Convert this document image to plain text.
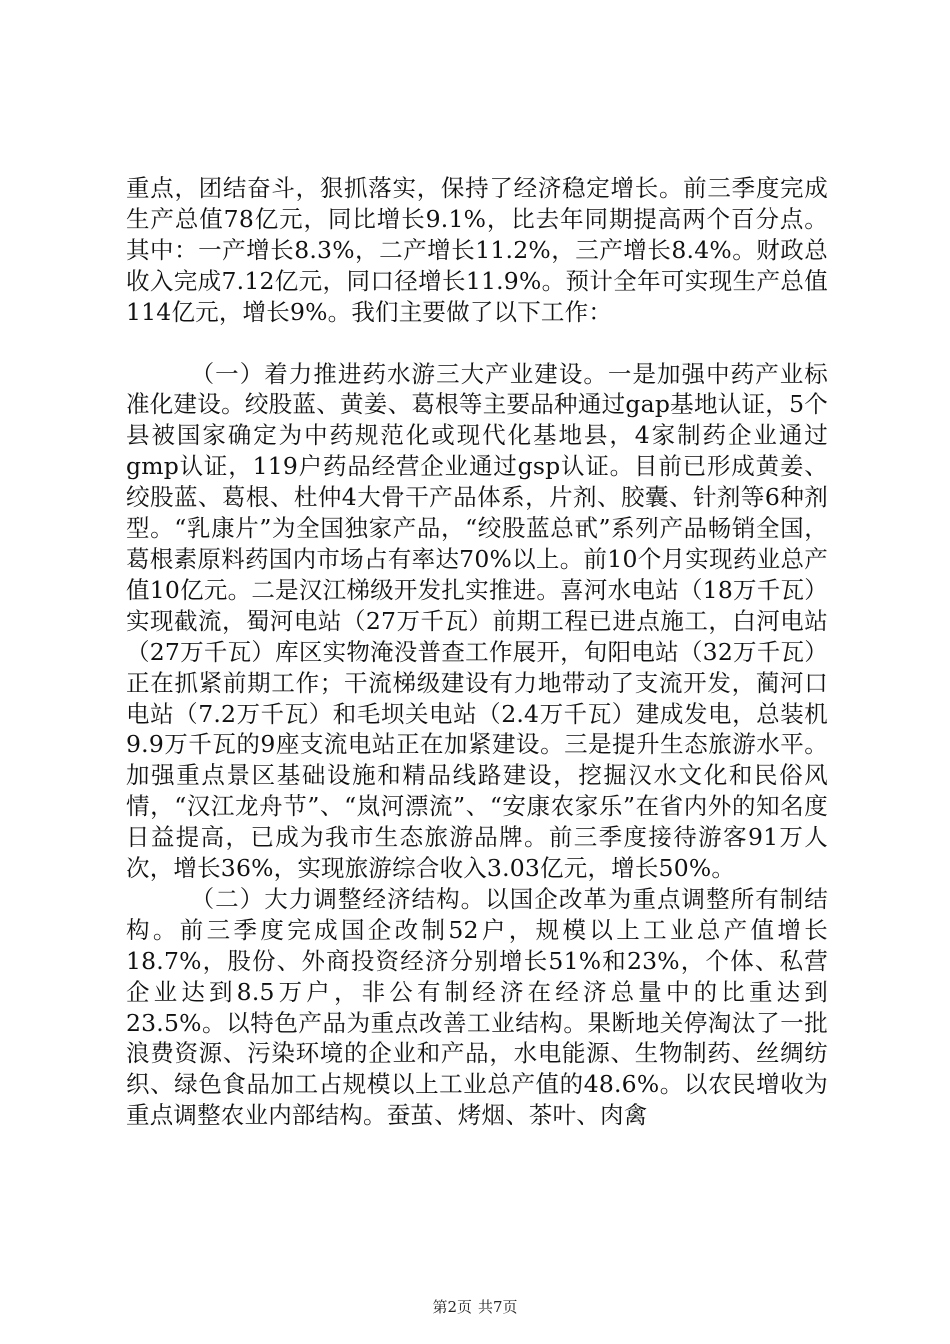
重点，团结奋斗，狠抓落实，保持了经济稳定增长。前三季度完成生产总值78亿元，同比增长9.1%，比去年同期提高两个百分点。其中：一产增长8.3%，二产增长11.2%，三产增长8.4%。财政总收入完成7.12亿元，同口径增长11.9%。预计全年可实现生产总值114亿元，增长9%。我们主要做了以下工作：

（一）着力推进药水游三大产业建设。一是加强中药产业标准化建设。绞股蓝、黄姜、葛根等主要品种通过gap基地认证，5个县被国家确定为中药规范化或现代化基地县，4家制药企业通过gmp认证，119户药品经营企业通过gsp认证。目前已形成黄姜、绞股蓝、葛根、杜仲4大骨干产品体系，片剂、胶囊、针剂等6种剂型。“乳康片”为全国独家产品，“绞股蓝总甙”系列产品畅销全国，葛根素原料药国内市场占有率达70%以上。前10个月实现药业总产值10亿元。二是汉江梯级开发扎实推进。喜河水电站（18万千瓦）实现截流，蜀河电站（27万千瓦）前期工程已进点施工，白河电站（27万千瓦）库区实物淹没普查工作展开，旬阳电站（32万千瓦）正在抓紧前期工作；干流梯级建设有力地带动了支流开发，蔺河口电站（7.2万千瓦）和毛坝关电站（2.4万千瓦）建成发电，总装机9.9万千瓦的9座支流电站正在加紧建设。三是提升生态旅游水平。加强重点景区基础设施和精品线路建设，挖掘汉水文化和民俗风情，“汉江龙舟节”、“岚河漂流”、“安康农家乐”在省内外的知名度日益提高，已成为我市生态旅游品牌。前三季度接待游客91万人次，增长36%，实现旅游综合收入3.03亿元，增长50%。

（二）大力调整经济结构。以国企改革为重点调整所有制结构。前三季度完成国企改制52户，规模以上工业总产值增长18.7%，股份、外商投资经济分别增长51%和23%，个体、私营企业达到8.5万户，非公有制经济在经济总量中的比重达到23.5%。以特色产品为重点改善工业结构。果断地关停淘汰了一批浪费资源、污染环境的企业和产品，水电能源、生物制药、丝绸纺织、绿色食品加工占规模以上工业总产值的48.6%。以农民增收为重点调整农业内部结构。蚕茧、烤烟、茶叶、肉禽

第2页 共7页
